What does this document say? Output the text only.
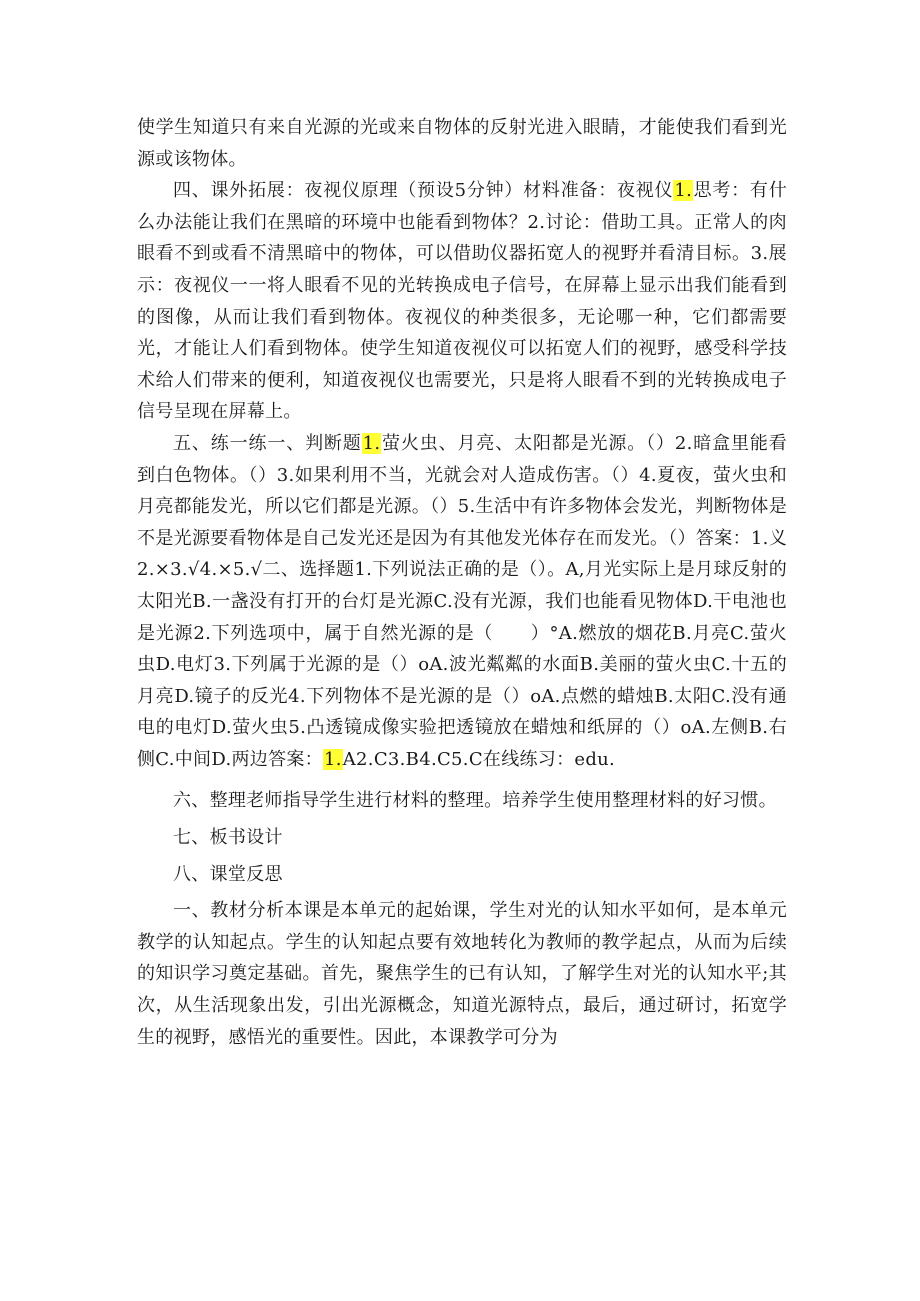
使学生知道只有来自光源的光或来自物体的反射光进入眼睛，才能使我们看到光源或该物体。

四、课外拓展：夜视仪原理（预设5分钟）材料准备：夜视仪1.思考：有什么办法能让我们在黑暗的环境中也能看到物体？2.讨论：借助工具。正常人的肉眼看不到或看不清黑暗中的物体，可以借助仪器拓宽人的视野并看清目标。3.展示：夜视仪一一将人眼看不见的光转换成电子信号，在屏幕上显示出我们能看到的图像，从而让我们看到物体。夜视仪的种类很多，无论哪一种，它们都需要光，才能让人们看到物体。使学生知道夜视仪可以拓宽人们的视野，感受科学技术给人们带来的便利，知道夜视仪也需要光，只是将人眼看不到的光转换成电子信号呈现在屏幕上。

五、练一练一、判断题1.萤火虫、月亮、太阳都是光源。（）2.暗盒里能看到白色物体。（）3.如果利用不当，光就会对人造成伤害。（）4.夏夜，萤火虫和月亮都能发光，所以它们都是光源。（）5.生活中有许多物体会发光，判断物体是不是光源要看物体是自己发光还是因为有其他发光体存在而发光。（）答案：1.义2.×3.√4.×5.√二、选择题1.下列说法正确的是（）。A,月光实际上是月球反射的太阳光B.一盏没有打开的台灯是光源C.没有光源，我们也能看见物体D.干电池也是光源2.下列选项中，属于自然光源的是（　　）°A.燃放的烟花B.月亮C.萤火虫D.电灯3.下列属于光源的是（）oA.波光粼粼的水面B.美丽的萤火虫C.十五的月亮D.镜子的反光4.下列物体不是光源的是（）oA.点燃的蜡烛B.太阳C.没有通电的电灯D.萤火虫5.凸透镜成像实验把透镜放在蜡烛和纸屏的（）oA.左侧B.右侧C.中间D.两边答案：1.A2.C3.B4.C5.C在线练习：edu.

六、整理老师指导学生进行材料的整理。培养学生使用整理材料的好习惯。

七、板书设计

八、课堂反思

一、教材分析本课是本单元的起始课，学生对光的认知水平如何，是本单元教学的认知起点。学生的认知起点要有效地转化为教师的教学起点，从而为后续的知识学习奠定基础。首先，聚焦学生的已有认知，了解学生对光的认知水平;其次，从生活现象出发，引出光源概念，知道光源特点，最后，通过研讨，拓宽学生的视野，感悟光的重要性。因此，本课教学可分为
